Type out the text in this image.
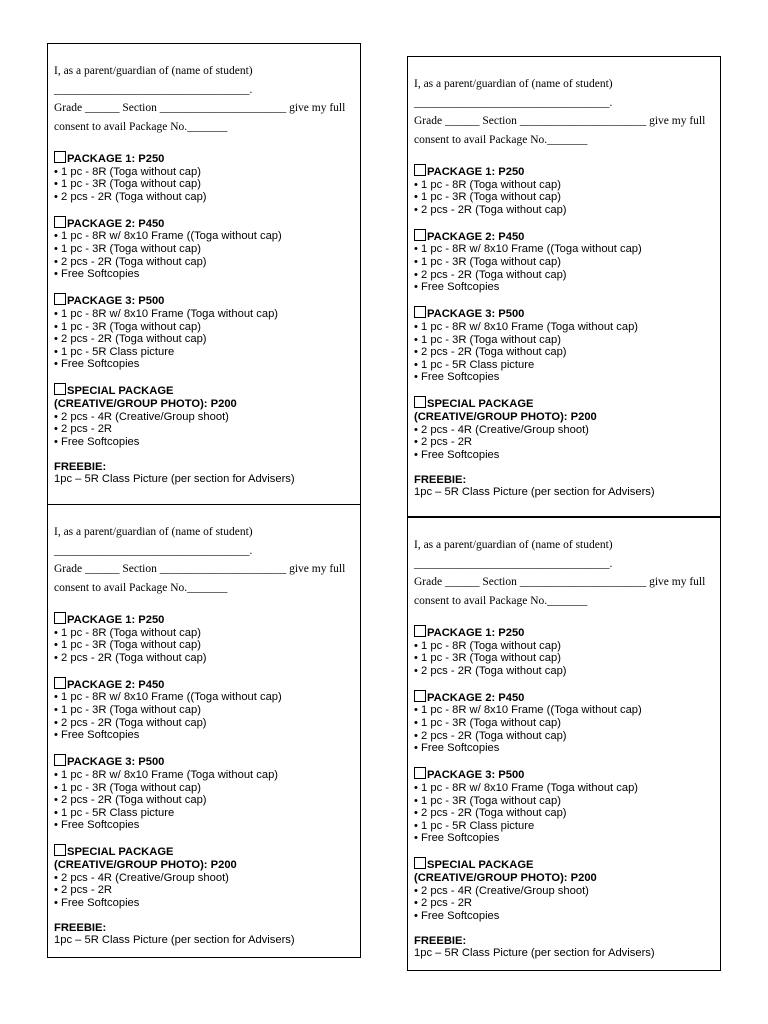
I, as a parent/guardian of (name of student)
__________________________________.
Grade ______ Section ______________________ give my full
consent to avail Package No._______
PACKAGE 1: P250
• 1 pc - 8R (Toga without cap)
• 1 pc - 3R (Toga without cap)
• 2 pcs - 2R (Toga without cap)
PACKAGE 2: P450
• 1 pc - 8R w/ 8x10 Frame ((Toga without cap)
• 1 pc - 3R (Toga without cap)
• 2 pcs - 2R (Toga without cap)
• Free Softcopies
PACKAGE 3: P500
• 1 pc - 8R w/ 8x10 Frame (Toga without cap)
• 1 pc - 3R (Toga without cap)
• 2 pcs - 2R (Toga without cap)
• 1 pc - 5R Class picture
• Free Softcopies
SPECIAL PACKAGE
(CREATIVE/GROUP PHOTO): P200
• 2 pcs - 4R (Creative/Group shoot)
• 2 pcs - 2R
• Free Softcopies
FREEBIE:
1pc – 5R Class Picture (per section for Advisers)
I, as a parent/guardian of (name of student)
__________________________________.
Grade ______ Section ______________________ give my full
consent to avail Package No._______
PACKAGE 1: P250
• 1 pc - 8R (Toga without cap)
• 1 pc - 3R (Toga without cap)
• 2 pcs - 2R (Toga without cap)
PACKAGE 2: P450
• 1 pc - 8R w/ 8x10 Frame ((Toga without cap)
• 1 pc - 3R (Toga without cap)
• 2 pcs - 2R (Toga without cap)
• Free Softcopies
PACKAGE 3: P500
• 1 pc - 8R w/ 8x10 Frame (Toga without cap)
• 1 pc - 3R (Toga without cap)
• 2 pcs - 2R (Toga without cap)
• 1 pc - 5R Class picture
• Free Softcopies
SPECIAL PACKAGE
(CREATIVE/GROUP PHOTO): P200
• 2 pcs - 4R (Creative/Group shoot)
• 2 pcs - 2R
• Free Softcopies
FREEBIE:
1pc – 5R Class Picture (per section for Advisers)
I, as a parent/guardian of (name of student)
__________________________________.
Grade ______ Section ______________________ give my full
consent to avail Package No._______
PACKAGE 1: P250
• 1 pc - 8R (Toga without cap)
• 1 pc - 3R (Toga without cap)
• 2 pcs - 2R (Toga without cap)
PACKAGE 2: P450
• 1 pc - 8R w/ 8x10 Frame ((Toga without cap)
• 1 pc - 3R (Toga without cap)
• 2 pcs - 2R (Toga without cap)
• Free Softcopies
PACKAGE 3: P500
• 1 pc - 8R w/ 8x10 Frame (Toga without cap)
• 1 pc - 3R (Toga without cap)
• 2 pcs - 2R (Toga without cap)
• 1 pc - 5R Class picture
• Free Softcopies
SPECIAL PACKAGE
(CREATIVE/GROUP PHOTO): P200
• 2 pcs - 4R (Creative/Group shoot)
• 2 pcs - 2R
• Free Softcopies
FREEBIE:
1pc – 5R Class Picture (per section for Advisers)
I, as a parent/guardian of (name of student)
__________________________________.
Grade ______ Section ______________________ give my full
consent to avail Package No._______
PACKAGE 1: P250
• 1 pc - 8R (Toga without cap)
• 1 pc - 3R (Toga without cap)
• 2 pcs - 2R (Toga without cap)
PACKAGE 2: P450
• 1 pc - 8R w/ 8x10 Frame ((Toga without cap)
• 1 pc - 3R (Toga without cap)
• 2 pcs - 2R (Toga without cap)
• Free Softcopies
PACKAGE 3: P500
• 1 pc - 8R w/ 8x10 Frame (Toga without cap)
• 1 pc - 3R (Toga without cap)
• 2 pcs - 2R (Toga without cap)
• 1 pc - 5R Class picture
• Free Softcopies
SPECIAL PACKAGE
(CREATIVE/GROUP PHOTO): P200
• 2 pcs - 4R (Creative/Group shoot)
• 2 pcs - 2R
• Free Softcopies
FREEBIE:
1pc – 5R Class Picture (per section for Advisers)
